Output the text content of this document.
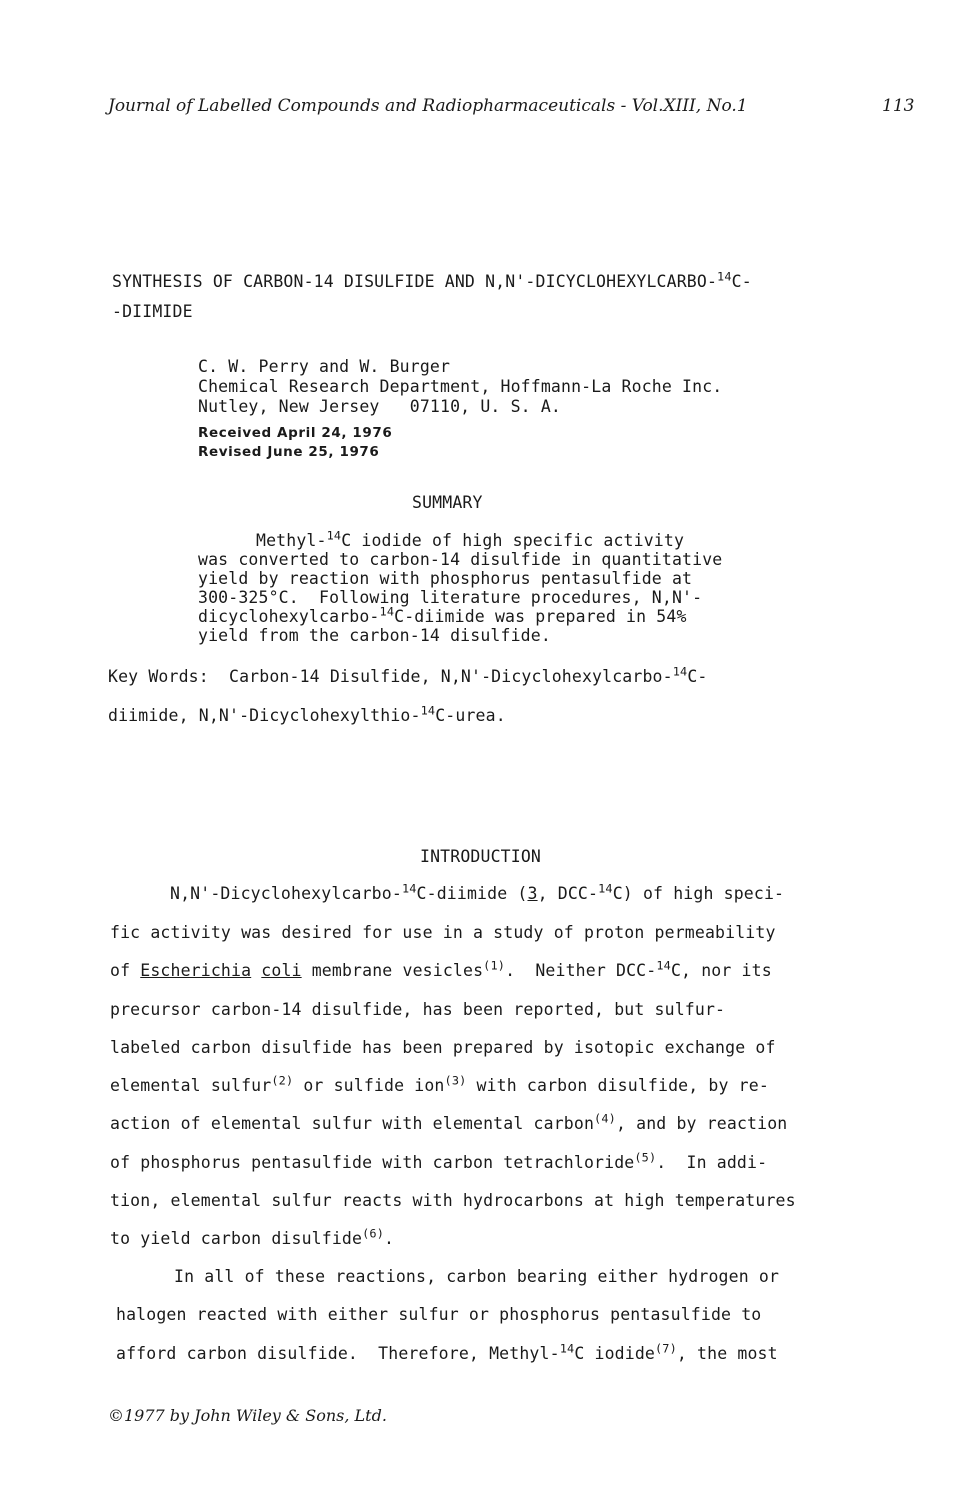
Journal of Labelled Compounds and Radiopharmaceuticals - Vol.XIII, No.1	113
SYNTHESIS OF CARBON-14 DISULFIDE AND N,N'-DICYCLOHEXYLCARBO-$^{14}$C-
-DIIMIDE
C. W. Perry and W. Burger
Chemical Research Department, Hoffmann-La Roche Inc.
Nutley, New Jersey   07110, U. S. A.
Received April 24, 1976
Revised June 25, 1976
SUMMARY
Methyl-$^{14}$C iodide of high specific activity
was converted to carbon-14 disulfide in quantitative
yield by reaction with phosphorus pentasulfide at
300-325°C.  Following literature procedures, N,N'-
dicyclohexylcarbo-$^{14}$C-diimide was prepared in 54%
yield from the carbon-14 disulfide.
Key Words:  Carbon-14 Disulfide, N,N'-Dicyclohexylcarbo-$^{14}$C-
diimide, N,N'-Dicyclohexylthio-$^{14}$C-urea.
INTRODUCTION
N,N'-Dicyclohexylcarbo-$^{14}$C-diimide (3, DCC-$^{14}$C) of high speci-
fic activity was desired for use in a study of proton permeability
of Escherichia coli membrane vesicles$^{(1)}$.  Neither DCC-$^{14}$C, nor its
precursor carbon-14 disulfide, has been reported, but sulfur-
labeled carbon disulfide has been prepared by isotopic exchange of
elemental sulfur$^{(2)}$ or sulfide ion$^{(3)}$ with carbon disulfide, by re-
action of elemental sulfur with elemental carbon$^{(4)}$, and by reaction
of phosphorus pentasulfide with carbon tetrachloride$^{(5)}$.  In addi-
tion, elemental sulfur reacts with hydrocarbons at high temperatures
to yield carbon disulfide$^{(6)}$.
In all of these reactions, carbon bearing either hydrogen or
halogen reacted with either sulfur or phosphorus pentasulfide to
afford carbon disulfide.  Therefore, Methyl-$^{14}$C iodide$^{(7)}$, the most
©1977 by John Wiley & Sons, Ltd.
